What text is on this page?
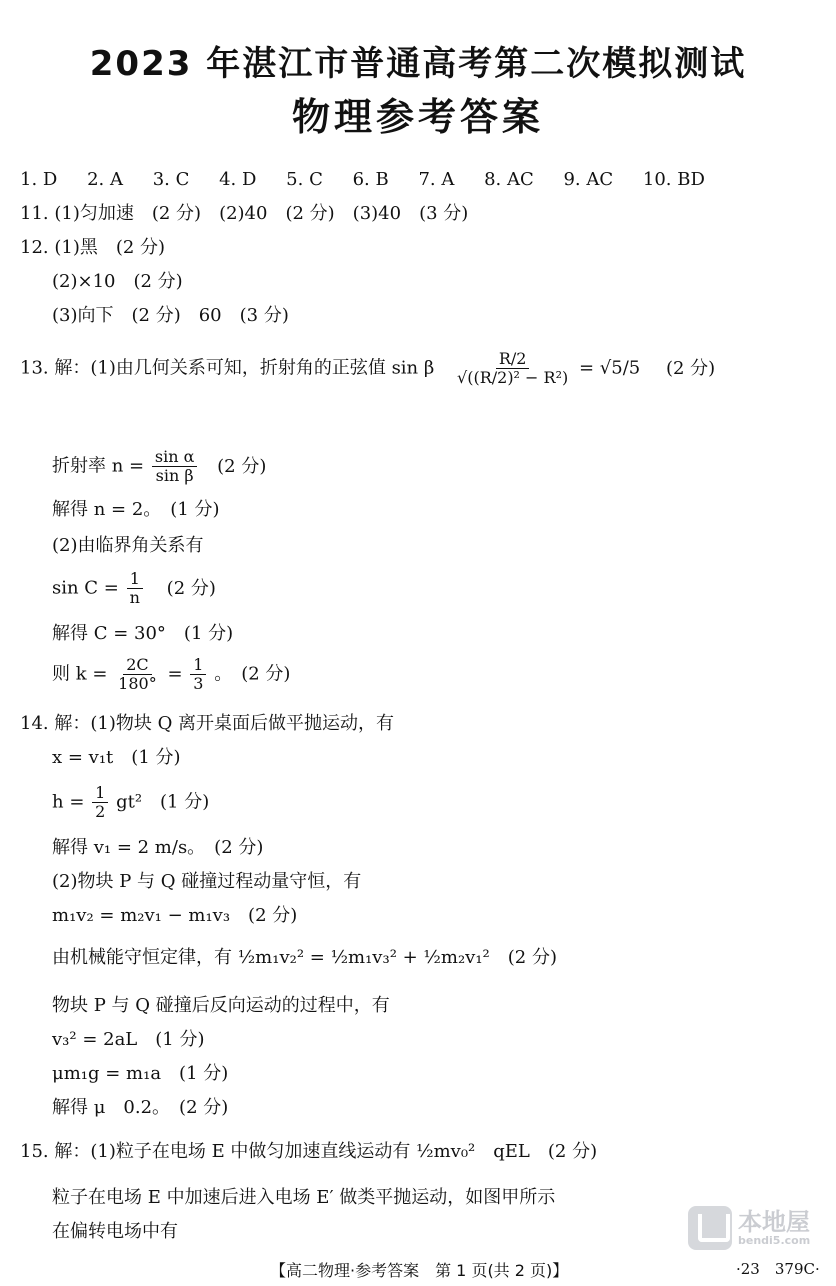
2023 年湛江市普通高考第二次模拟测试
物理参考答案
1. D 2. A 3. C 4. D 5. C 6. B 7. A 8. AC 9. AC 10. BD
11. (1)匀加速　(2 分)　(2)40　(2 分)　(3)40　(3 分)
12. (1)黑　(2 分)
(2)×10　(2 分)
(3)向下　(2 分)　60　(3 分)
13. 解：(1)由几何关系可知，折射角的正弦值 sin β $\frac{R/2}{\text{√((R/2)² − R²)}} = √5/5$ (2 分)
折射率 $n = \frac{\text{sin α}}{\text{sin β}} (2$ 分)
解得 n = 2。　(1 分)
(2)由临界角关系有
$\sin C = \frac{1}{n} (2$ 分)
解得 C = 30°　(1 分)
则 $k = \frac{2C}{180^\circ} = \frac{1}{3}$ 。　(2 分)
14. 解：(1)物块 Q 离开桌面后做平抛运动，有
x = v₁t　(1 分)
$h = \frac{1}{2} gt^2$　(1 分)
解得 v₁ = 2 m/s。　(2 分)
(2)物块 P 与 Q 碰撞过程动量守恒，有
m₁v₂ = m₂v₁ − m₁v₃　(2 分)
由机械能守恒定律，有 ½m₁v₂² = ½m₁v₃² + ½m₂v₁²　(2 分)
物块 P 与 Q 碰撞后反向运动的过程中，有
v₃² = 2aL　(1 分)
μm₁g = m₁a　(1 分)
解得 μ　0.2。　(2 分)
15. 解：(1)粒子在电场 E 中做匀加速直线运动有 ½mv₀²　qEL　(2 分)
粒子在电场 E 中加速后进入电场 E′ 做类平抛运动，如图甲所示
在偏转电场中有	本地屋
bendi5.com
【高二物理·参考答案　第 1 页(共 2 页)】	·23　379C·
